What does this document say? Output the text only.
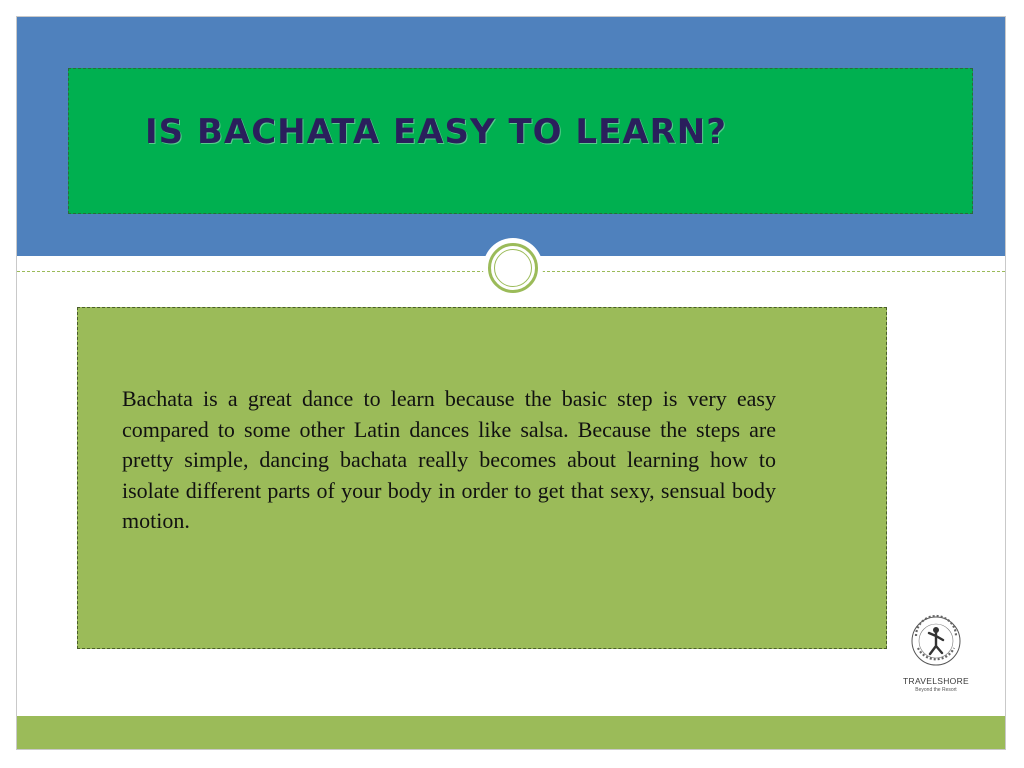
IS BACHATA EASY TO LEARN?

Bachata is a great dance to learn because the basic step is very easy compared to some other Latin dances like salsa. Because the steps are pretty simple, dancing bachata really becomes about learning how to isolate different parts of your body in order to get that sexy, sensual body motion.

TRAVELSHORE
Beyond the Resort
